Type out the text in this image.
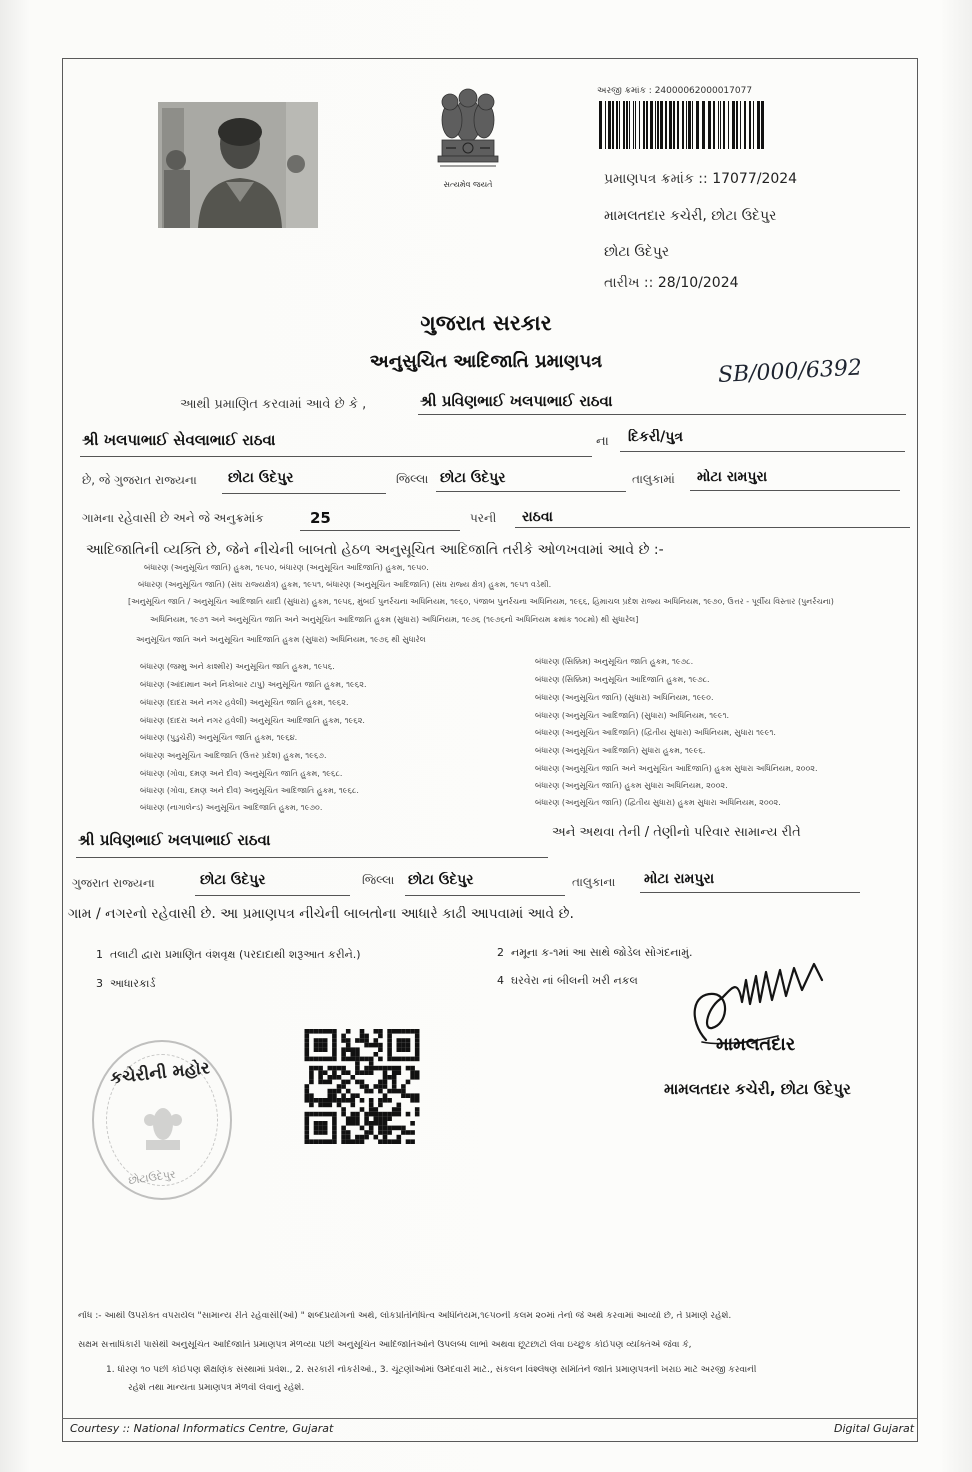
સત્યમેવ જયતે
અરજી ક્રમાંક : 24000062000017077
પ્રમાણપત્ર ક્રમાંક :: 17077/2024
મામલતદાર કચેરી, છોટા ઉદેપુર
છોટા ઉદેપુર
તારીખ :: 28/10/2024
ગુજરાત સરકાર
અનુસુચિત આદિજાતિ પ્રમાણપત્ર	SB/000/6392
આથી પ્રમાણિત કરવામાં આવે છે કે ,	શ્રી પ્રવિણભાઈ ખલપાભાઈ રાઠવા
શ્રી ખલપાભાઈ સેવલાભાઈ રાઠવા	ના	દિકરી/પુત્ર
છે, જે ગુજરાત રાજ્યના	છોટા ઉદેપુર	જિલ્લા છોટા ઉદેપુર	તાલુકામાં	મોટા રામપુરા
ગામના રહેવાસી છે અને જે અનુક્રમાંક	25	પરની	રાઠવા
આદિજાતિની વ્યક્તિ છે, જેને નીચેની બાબતો હેઠળ અનુસૂચિત આદિજાતિ તરીકે ઓળખવામાં આવે છે :-
બંધારણ (અનુસૂચિત જાતિ) હુકમ, ૧૯૫૦, બંધારણ (અનુસૂચિત આદિજાતિ) હુકમ, ૧૯૫૦.
બંધારણ (અનુસૂચિત જાતિ) (સંઘ રાજ્યક્ષેત્ર) હુકમ, ૧૯૫૧, બંધારણ (અનુસૂચિત આદિજાતિ) (સંઘ રાજ્ય ક્ષેત્ર) હુકમ, ૧૯૫૧ વડેથી.
[અનુસૂચિત જાતિ / અનુસૂચિત આદિજાતિ યાદી (સુધારા) હુકમ, ૧૯૫૬, મુંબઈ પુનર્રચના અધિનિયમ, ૧૯૬૦, પંજાબ પુનર્રચના અધિનિયમ, ૧૯૬૬, હિમાચલ પ્રદેશ રાજ્ય અધિનિયમ, ૧૯૭૦, ઉત્તર - પૂર્વીય વિસ્તાર (પુનર્રચના)
અધિનિયમ, ૧૯૭૧ અને અનુસૂચિત જાતિ અને અનુસૂચિત આદિજાતિ હુકમ (સુધારા) અધિનિયમ, ૧૯૭૬ (૧૯૭૬નો અધિનિયમ ક્રમાંક ૧૦૮મો) થી સુધારેલ]
અનુસૂચિત જાતિ અને અનુસૂચિત આદિજાતિ હુકમ (સુધારા) અધિનિયમ, ૧૯૭૬ થી સુધારેલ
બંધારણ (જમ્મુ અને કાશ્મીર) અનુસૂચિત જાતિ હુકમ, ૧૯૫૬.
બંધારણ (આંદામાન અને નિકોબાર ટાપુ) અનુસૂચિત જાતિ હુકમ, ૧૯૬૨.
બંધારણ (દાદરા અને નગર હવેલી) અનુસૂચિત જાતિ હુકમ, ૧૯૬૨.
બંધારણ (દાદરા અને નગર હવેલી) અનુસૂચિત આદિજાતિ હુકમ, ૧૯૬૨.
બંધારણ (પુડુચેરી) અનુસૂચિત જાતિ હુકમ, ૧૯૬૪.
બંધારણ અનુસૂચિત આદિજાતિ (ઉત્તર પ્રદેશ) હુકમ, ૧૯૬૭.
બંધારણ (ગોવા, દમણ અને દીવ) અનુસૂચિત જાતિ હુકમ, ૧૯૬૮.
બંધારણ (ગોવા, દમણ અને દીવ) અનુસૂચિત આદિજાતિ હુકમ, ૧૯૬૮.
બંધારણ (નાગાલેન્ડ) અનુસૂચિત આદિજાતિ હુકમ, ૧૯૭૦.
બંધારણ (સિક્કિમ) અનુસૂચિત જાતિ હુકમ, ૧૯૭૮.
બંધારણ (સિક્કિમ) અનુસૂચિત આદિજાતિ હુકમ, ૧૯૭૮.
બંધારણ (અનુસૂચિત જાતિ) (સુધારા) અધિનિયમ, ૧૯૯૦.
બંધારણ (અનુસૂચિત આદિજાતિ) (સુધારા) અધિનિયમ, ૧૯૯૧.
બંધારણ (અનુસૂચિત આદિજાતિ) (દ્વિતીય સુધારા) અધિનિયમ, સુધારા ૧૯૯૧.
બંધારણ (અનુસૂચિત આદિજાતિ) સુધારા હુકમ, ૧૯૯૬.
બંધારણ (અનુસૂચિત જાતિ અને અનુસૂચિત આદિજાતિ) હુકમ સુધારા અધિનિયમ, ૨૦૦૨.
બંધારણ (અનુસૂચિત જાતિ) હુકમ સુધારા અધિનિયમ, ૨૦૦૨.
બંધારણ (અનુસૂચિત જાતિ) (દ્વિતીય સુધારા) હુકમ સુધારા અધિનિયમ, ૨૦૦૨.
શ્રી પ્રવિણભાઈ ખલપાભાઈ રાઠવા	અને અથવા તેની / તેણીનો પરિવાર સામાન્ય રીતે
ગુજરાત રાજ્યના	છોટા ઉદેપુર	જિલ્લા છોટા ઉદેપુર	તાલુકાના	મોટા રામપુરા
ગામ / નગરનો રહેવાસી છે. આ પ્રમાણપત્ર નીચેની બાબતોના આધારે કાઢી આપવામાં આવે છે.
1 તલાટી દ્વારા પ્રમાણિત વંશવૃક્ષ (પરદાદાથી શરૂઆત કરીને.)	2 નમૂના ક-૧માં આ સાથે જોડેલ સોગંદનામું.
3 આધારકાર્ડ	4 ઘરવેરા નાં બીલની ખરી નકલ
કચેરીની મહોર
છોટાઉદેપુર
મામલતદાર
મામલતદાર કચેરી, છોટા ઉદેપુર
નોંધ :- આથી ઉપરોક્ત વપરાયેલ "સામાન્ય રીતે રહેવાસી(ઓ) " શબ્દપ્રયોગનો અર્થ, લોકપ્રતિનિધિત્વ અધિનિયમ,૧૯૫૦ની કલમ ૨૦માં તેનો જે અર્થ કરવામાં આવ્યો છે, તે પ્રમાણે રહેશે.
સક્ષમ સત્તાધિકારી પાસેથી અનુસૂચિત આદિજાતિ પ્રમાણપત્ર મેળવ્યા પછી અનુસૂચિત આદિજાતિઓને ઉપલબ્ધ લાભો અથવા છૂટછાટો લેવા ઇચ્છુક કોઈપણ વ્યક્તિએ જેવા કે,
1. ધોરણ ૧૦ પછી કોઈપણ શૈક્ષણિક સંસ્થામાં પ્રવેશ., 2. સરકારી નોકરીઓ., 3. ચૂંટણીઓમાં ઉમેદવારી માટે., સંકલન વિશ્લેષણ સમિતિને જાતિ પ્રમાણપત્રની ખરાઇ માટે અરજી કરવાની
રહેશે તથા માન્યતા પ્રમાણપત્ર મેળવી લેવાનું રહેશે.
Courtesy :: National Informatics Centre, Gujarat	Digital Gujarat
